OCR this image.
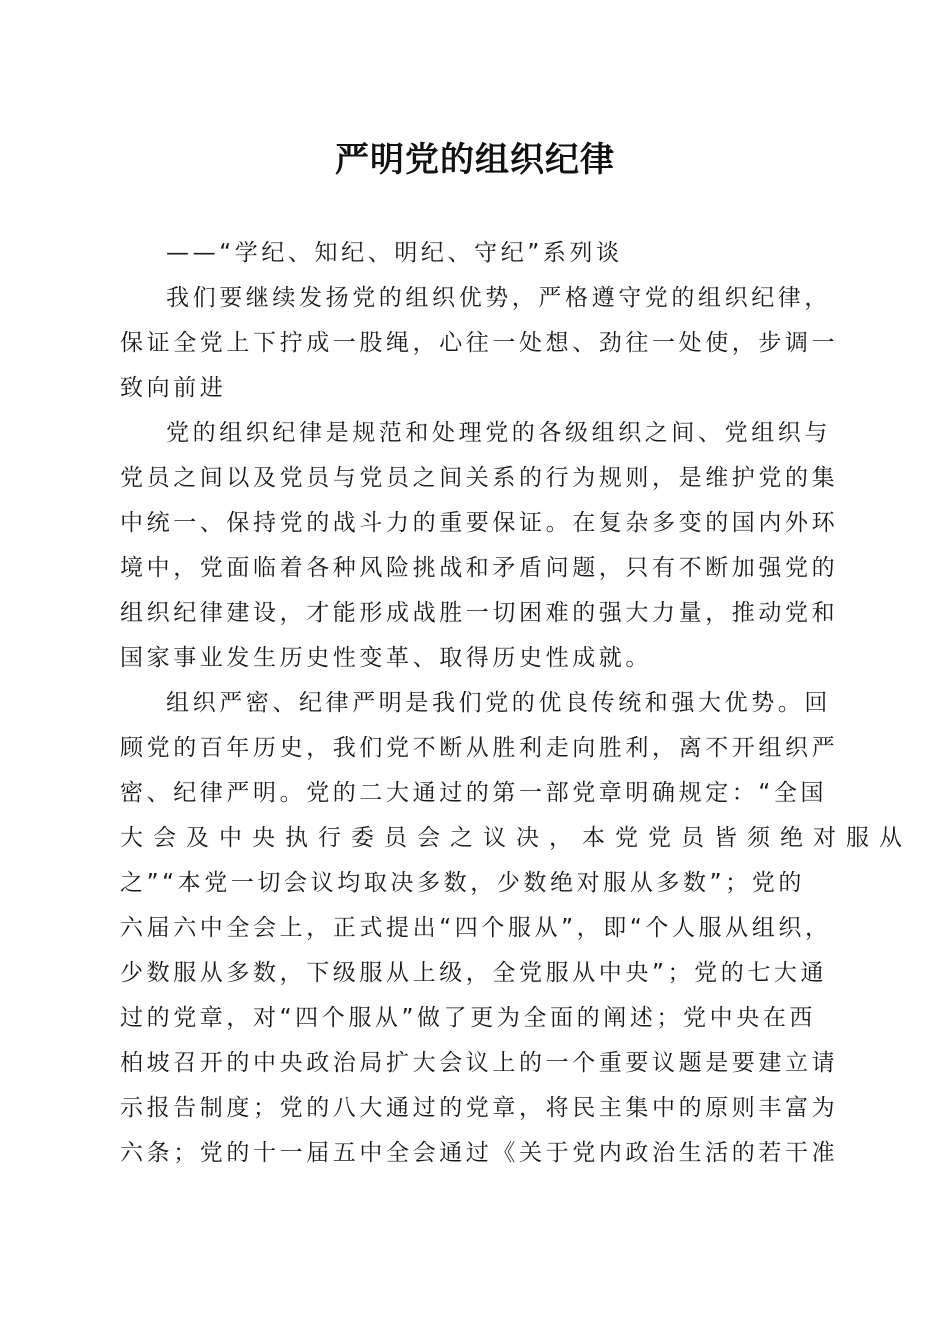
严明党的组织纪律

——“学纪、知纪、明纪、守纪”系列谈

我们要继续发扬党的组织优势，严格遵守党的组织纪律，
保证全党上下拧成一股绳，心往一处想、劲往一处使，步调一
致向前进

党的组织纪律是规范和处理党的各级组织之间、党组织与
党员之间以及党员与党员之间关系的行为规则，是维护党的集
中统一、保持党的战斗力的重要保证。在复杂多变的国内外环
境中，党面临着各种风险挑战和矛盾问题，只有不断加强党的
组织纪律建设，才能形成战胜一切困难的强大力量，推动党和
国家事业发生历史性变革、取得历史性成就。

组织严密、纪律严明是我们党的优良传统和强大优势。回
顾党的百年历史，我们党不断从胜利走向胜利，离不开组织严
密、纪律严明。党的二大通过的第一部党章明确规定：“全国
大会及中央执行委员会之议决，本党党员皆须绝对服从
之”“本党一切会议均取决多数，少数绝对服从多数”；党的
六届六中全会上，正式提出“四个服从”，即“个人服从组织，
少数服从多数，下级服从上级，全党服从中央”；党的七大通
过的党章，对“四个服从”做了更为全面的阐述；党中央在西
柏坡召开的中央政治局扩大会议上的一个重要议题是要建立请
示报告制度；党的八大通过的党章，将民主集中的原则丰富为
六条；党的十一届五中全会通过《关于党内政治生活的若干准
